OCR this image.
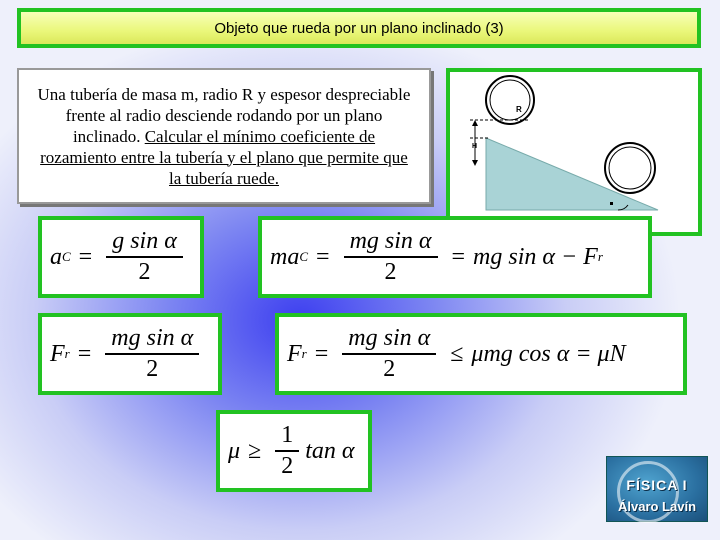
Objeto que rueda por un plano inclinado (3)

Una tubería de masa m, radio R y espesor despreciable frente al radio desciende rodando por un plano inclinado. Calcular el mínimo coeficiente de rozamiento entre la tubería y el plano que permite que la tubería ruede.

R
H
a $C = \frac{\text{g sin α}}{2}$	ma $C = \frac{\text{mg sin α}}{2}$ = mg sin α − F r
F $r = \frac{\text{mg sin α}}{2}$	F $r = \frac{\text{mg sin α}}{2} \le \mu mg$ cos α = μN
$\mu \ge \frac{1}{2}$ tan α
FÍSICA I
Álvaro Lavín
